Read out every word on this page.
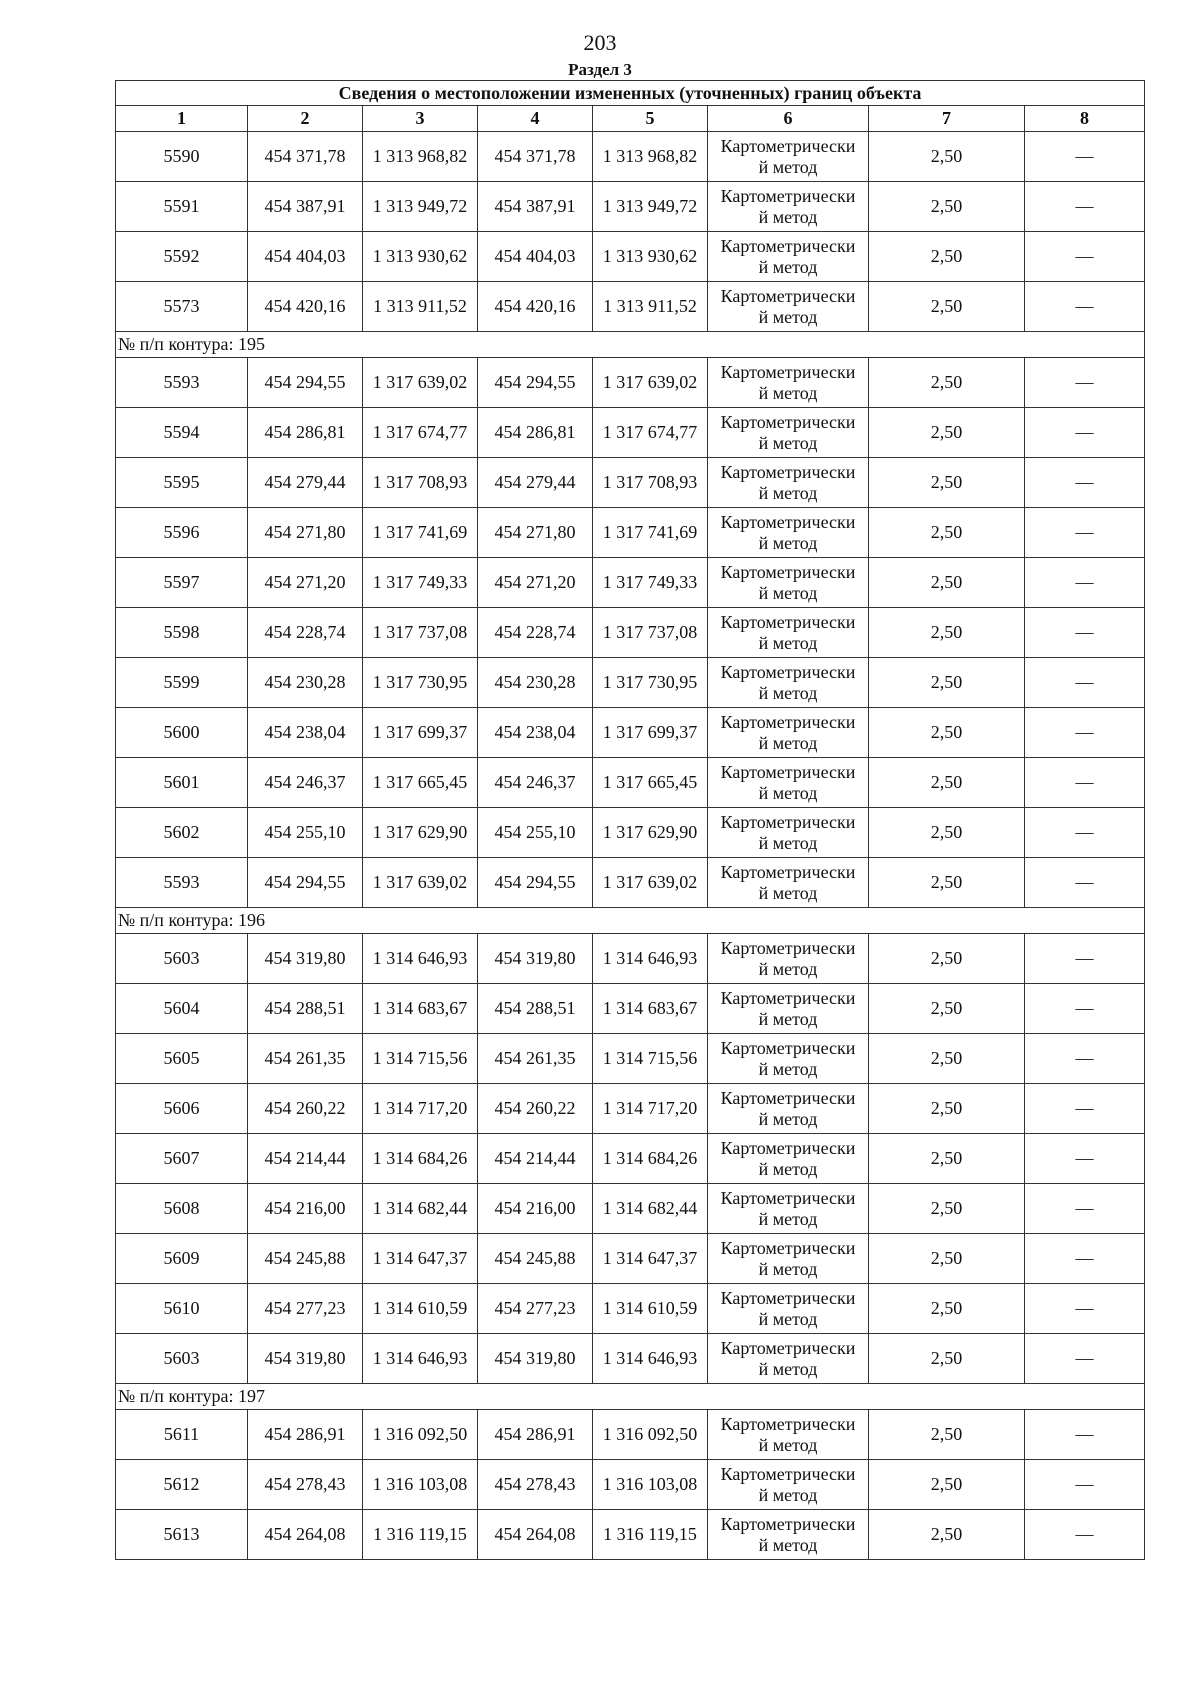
203
Раздел 3
Сведения о местоположении измененных (уточненных) границ объекта							
1	2	3	4	5	6	7	8
5590	454 371,78	1 313 968,82	454 371,78	1 313 968,82	Картометрически
й метод	2,50	—
5591	454 387,91	1 313 949,72	454 387,91	1 313 949,72	Картометрически
й метод	2,50	—
5592	454 404,03	1 313 930,62	454 404,03	1 313 930,62	Картометрически
й метод	2,50	—
5573	454 420,16	1 313 911,52	454 420,16	1 313 911,52	Картометрически
й метод	2,50	—
№ п/п контура: 195							
5593	454 294,55	1 317 639,02	454 294,55	1 317 639,02	Картометрически
й метод	2,50	—
5594	454 286,81	1 317 674,77	454 286,81	1 317 674,77	Картометрически
й метод	2,50	—
5595	454 279,44	1 317 708,93	454 279,44	1 317 708,93	Картометрически
й метод	2,50	—
5596	454 271,80	1 317 741,69	454 271,80	1 317 741,69	Картометрически
й метод	2,50	—
5597	454 271,20	1 317 749,33	454 271,20	1 317 749,33	Картометрически
й метод	2,50	—
5598	454 228,74	1 317 737,08	454 228,74	1 317 737,08	Картометрически
й метод	2,50	—
5599	454 230,28	1 317 730,95	454 230,28	1 317 730,95	Картометрически
й метод	2,50	—
5600	454 238,04	1 317 699,37	454 238,04	1 317 699,37	Картометрически
й метод	2,50	—
5601	454 246,37	1 317 665,45	454 246,37	1 317 665,45	Картометрически
й метод	2,50	—
5602	454 255,10	1 317 629,90	454 255,10	1 317 629,90	Картометрически
й метод	2,50	—
5593	454 294,55	1 317 639,02	454 294,55	1 317 639,02	Картометрически
й метод	2,50	—
№ п/п контура: 196							
5603	454 319,80	1 314 646,93	454 319,80	1 314 646,93	Картометрически
й метод	2,50	—
5604	454 288,51	1 314 683,67	454 288,51	1 314 683,67	Картометрически
й метод	2,50	—
5605	454 261,35	1 314 715,56	454 261,35	1 314 715,56	Картометрически
й метод	2,50	—
5606	454 260,22	1 314 717,20	454 260,22	1 314 717,20	Картометрически
й метод	2,50	—
5607	454 214,44	1 314 684,26	454 214,44	1 314 684,26	Картометрически
й метод	2,50	—
5608	454 216,00	1 314 682,44	454 216,00	1 314 682,44	Картометрически
й метод	2,50	—
5609	454 245,88	1 314 647,37	454 245,88	1 314 647,37	Картометрически
й метод	2,50	—
5610	454 277,23	1 314 610,59	454 277,23	1 314 610,59	Картометрически
й метод	2,50	—
5603	454 319,80	1 314 646,93	454 319,80	1 314 646,93	Картометрически
й метод	2,50	—
№ п/п контура: 197							
5611	454 286,91	1 316 092,50	454 286,91	1 316 092,50	Картометрически
й метод	2,50	—
5612	454 278,43	1 316 103,08	454 278,43	1 316 103,08	Картометрически
й метод	2,50	—
5613	454 264,08	1 316 119,15	454 264,08	1 316 119,15	Картометрически
й метод	2,50	—
